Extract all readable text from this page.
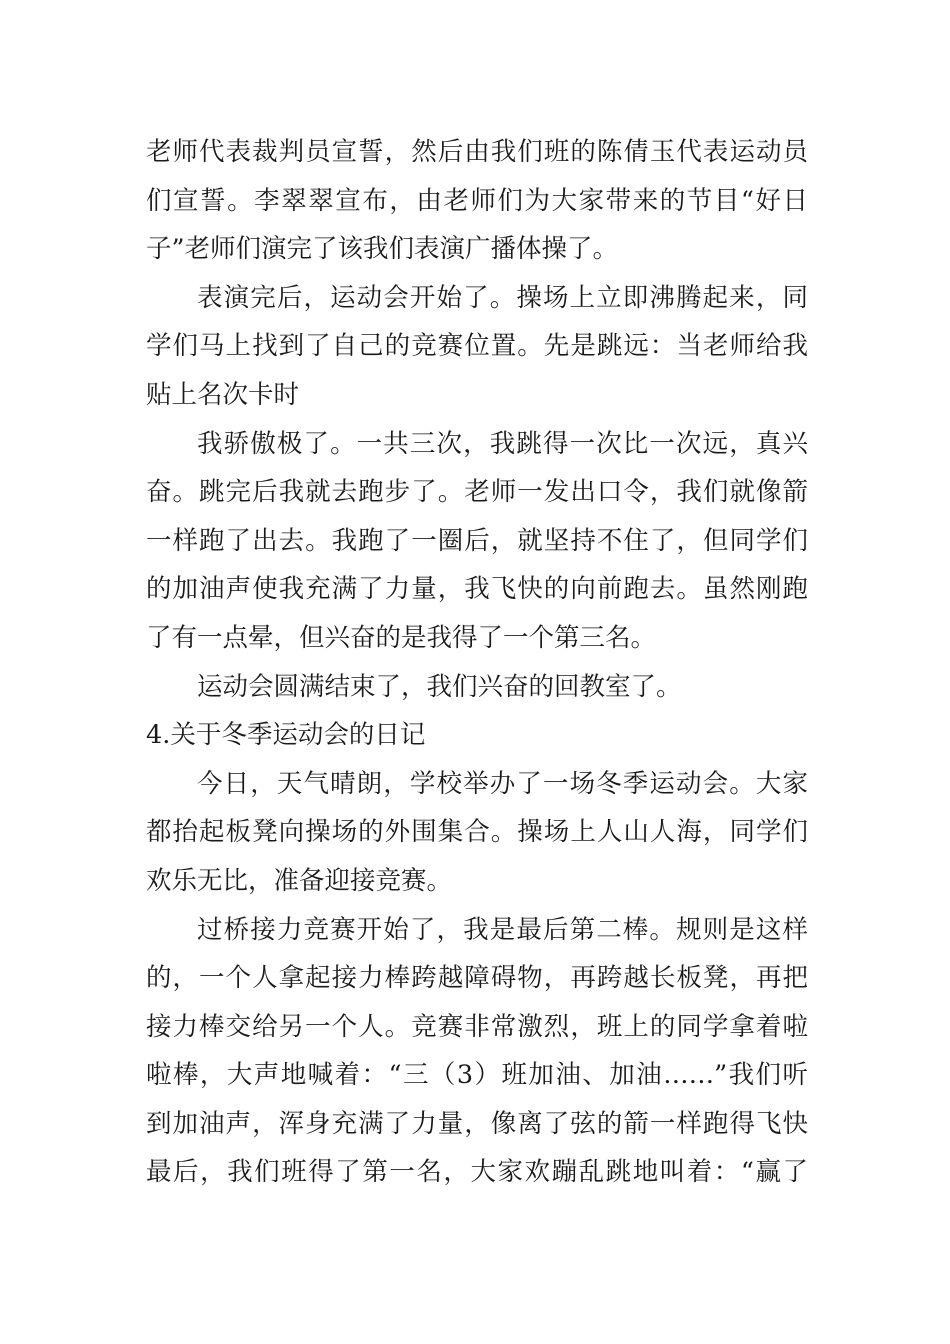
老师代表裁判员宣誓，然后由我们班的陈倩玉代表运动员
们宣誓。李翠翠宣布，由老师们为大家带来的节目“好日
子”老师们演完了该我们表演广播体操了。
表演完后，运动会开始了。操场上立即沸腾起来，同
学们马上找到了自己的竞赛位置。先是跳远：当老师给我
贴上名次卡时
我骄傲极了。一共三次，我跳得一次比一次远，真兴
奋。跳完后我就去跑步了。老师一发出口令，我们就像箭
一样跑了出去。我跑了一圈后，就坚持不住了，但同学们
的加油声使我充满了力量，我飞快的向前跑去。虽然刚跑
了有一点晕，但兴奋的是我得了一个第三名。
运动会圆满结束了，我们兴奋的回教室了。
4.关于冬季运动会的日记
今日，天气晴朗，学校举办了一场冬季运动会。大家
都抬起板凳向操场的外围集合。操场上人山人海，同学们
欢乐无比，准备迎接竞赛。
过桥接力竞赛开始了，我是最后第二棒。规则是这样
的，一个人拿起接力棒跨越障碍物，再跨越长板凳，再把
接力棒交给另一个人。竞赛非常激烈，班上的同学拿着啦
啦棒，大声地喊着：“三（3）班加油、加油……”我们听
到加油声，浑身充满了力量，像离了弦的箭一样跑得飞快
最后，我们班得了第一名，大家欢蹦乱跳地叫着：“赢了
